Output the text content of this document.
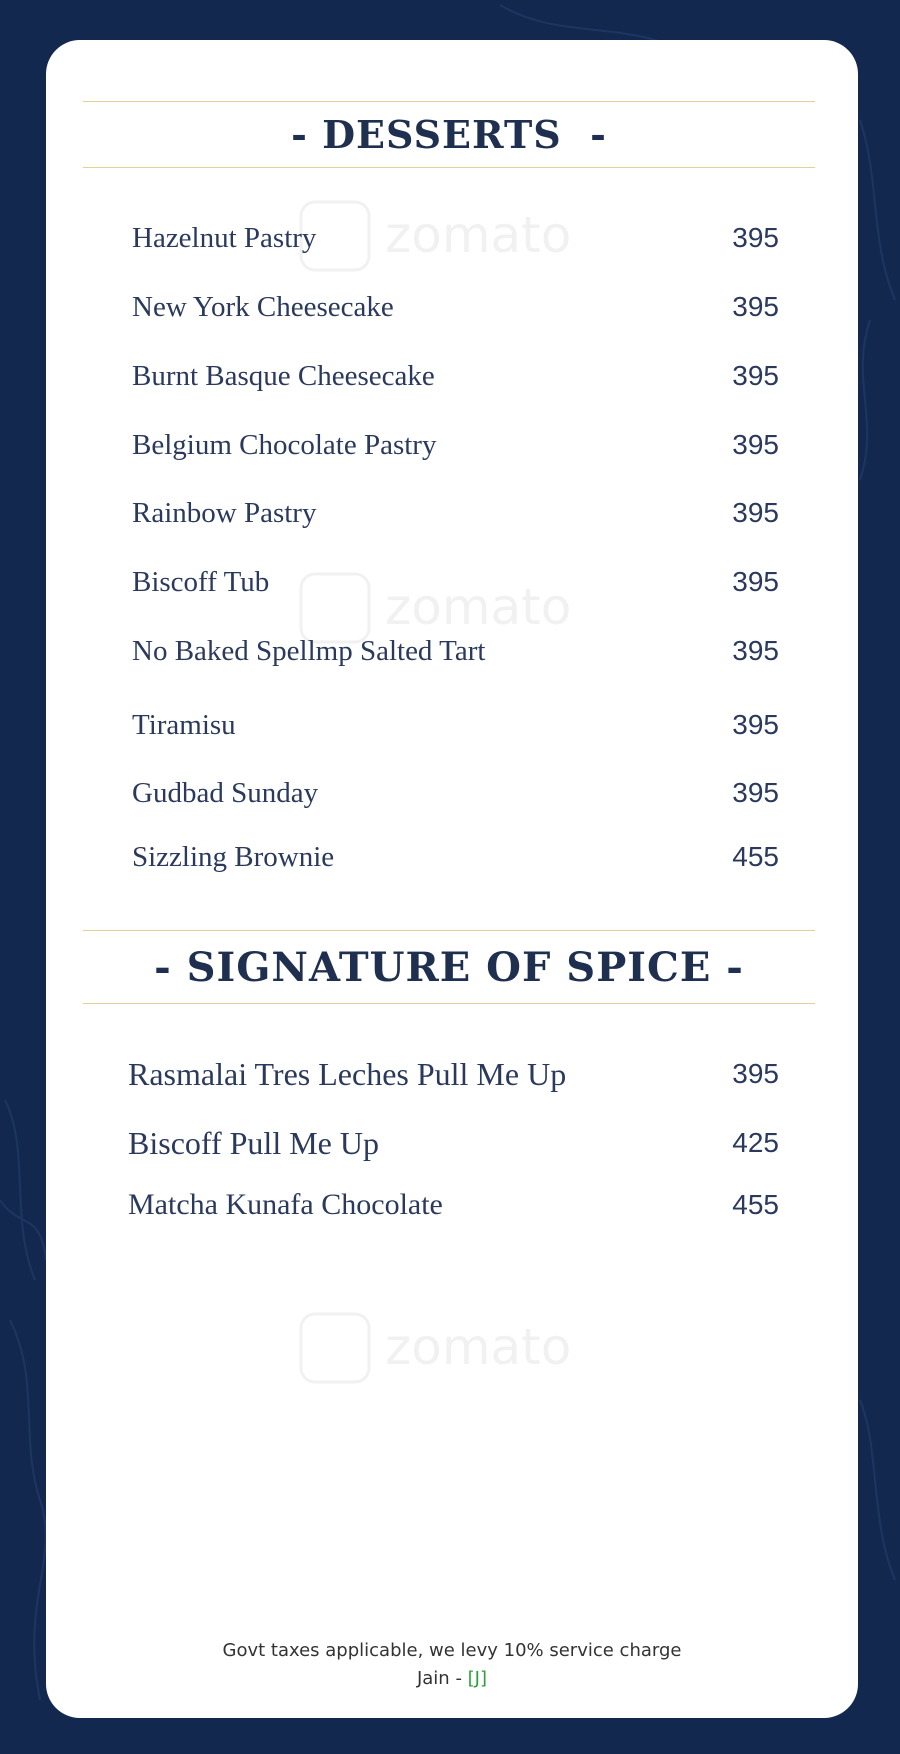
zomato
zomato
zomato
- DESSERTS  -
Hazelnut Pastry	395
New York Cheesecake	395
Burnt Basque Cheesecake	395
Belgium Chocolate Pastry	395
Rainbow Pastry	395
Biscoff Tub	395
No Baked Spellmp Salted Tart	395
Tiramisu	395
Gudbad Sunday	395
Sizzling Brownie	455
- SIGNATURE OF SPICE -
Rasmalai Tres Leches Pull Me Up	395
Biscoff Pull Me Up	425
Matcha Kunafa Chocolate	455
Govt taxes applicable, we levy 10% service charge
Jain - [J]
